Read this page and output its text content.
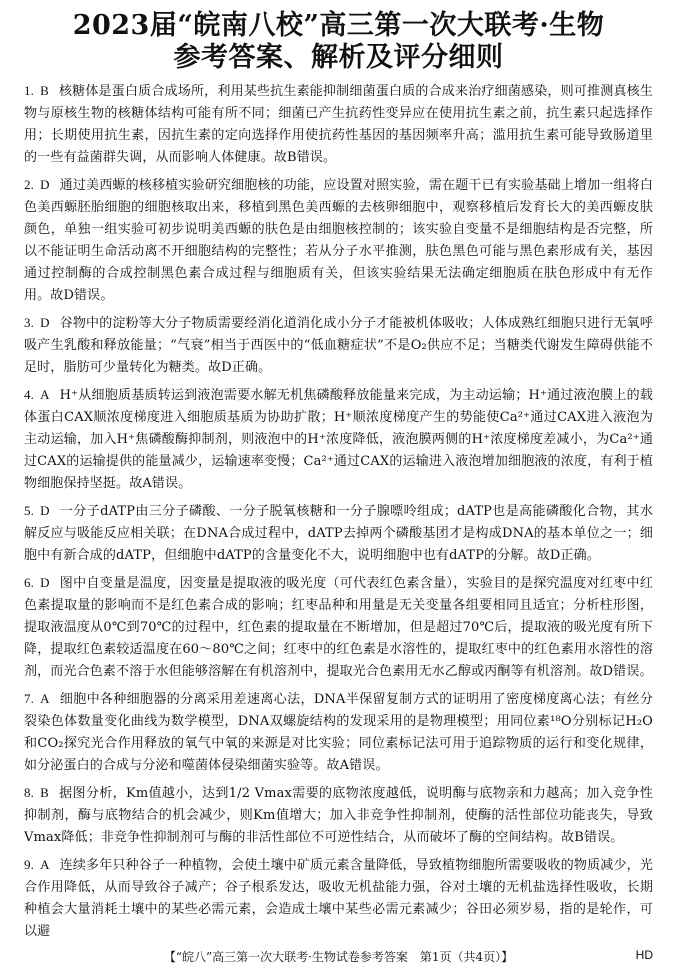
2023届“皖南八校”高三第一次大联考·生物
参考答案、解析及评分细则

1. B 核糖体是蛋白质合成场所，利用某些抗生素能抑制细菌蛋白质的合成来治疗细菌感染，则可推测真核生物与原核生物的核糖体结构可能有所不同；细菌已产生抗药性变异应在使用抗生素之前，抗生素只起选择作用；长期使用抗生素，因抗生素的定向选择作用使抗药性基因的基因频率升高；滥用抗生素可能导致肠道里的一些有益菌群失调，从而影响人体健康。故B错误。

2. D 通过美西螈的核移植实验研究细胞核的功能，应设置对照实验，需在题干已有实验基础上增加一组将白色美西螈胚胎细胞的细胞核取出来，移植到黑色美西螈的去核卵细胞中，观察移植后发育长大的美西螈皮肤颜色，单独一组实验可初步说明美西螈的肤色是由细胞核控制的；该实验自变量不是细胞结构是否完整，所以不能证明生命活动离不开细胞结构的完整性；若从分子水平推测，肤色黑色可能与黑色素形成有关，基因通过控制酶的合成控制黑色素合成过程与细胞质有关，但该实验结果无法确定细胞质在肤色形成中有无作用。故D错误。

3. D 谷物中的淀粉等大分子物质需要经消化道消化成小分子才能被机体吸收；人体成熟红细胞只进行无氧呼吸产生乳酸和释放能量；“气衰”相当于西医中的“低血糖症状”不是O₂供应不足；当糖类代谢发生障碍供能不足时，脂肪可少量转化为糖类。故D正确。

4. A H⁺从细胞质基质转运到液泡需要水解无机焦磷酸释放能量来完成，为主动运输；H⁺通过液泡膜上的载体蛋白CAX顺浓度梯度进入细胞质基质为协助扩散；H⁺顺浓度梯度产生的势能使Ca²⁺通过CAX进入液泡为主动运输，加入H⁺焦磷酸酶抑制剂，则液泡中的H⁺浓度降低，液泡膜两侧的H⁺浓度梯度差减小，为Ca²⁺通过CAX的运输提供的能量减少，运输速率变慢；Ca²⁺通过CAX的运输进入液泡增加细胞液的浓度，有利于植物细胞保持坚挺。故A错误。

5. D 一分子dATP由三分子磷酸、一分子脱氧核糖和一分子腺嘌呤组成；dATP也是高能磷酸化合物，其水解反应与吸能反应相关联；在DNA合成过程中，dATP去掉两个磷酸基团才是构成DNA的基本单位之一；细胞中有新合成的dATP，但细胞中dATP的含量变化不大，说明细胞中也有dATP的分解。故D正确。

6. D 图中自变量是温度，因变量是提取液的吸光度（可代表红色素含量），实验目的是探究温度对红枣中红色素提取量的影响而不是红色素合成的影响；红枣品种和用量是无关变量各组要相同且适宜；分析柱形图，提取液温度从0℃到70℃的过程中，红色素的提取量在不断增加，但是超过70℃后，提取液的吸光度有所下降，提取红色素较适温度在60～80℃之间；红枣中的红色素是水溶性的，提取红枣中的红色素用水溶性的溶剂，而光合色素不溶于水但能够溶解在有机溶剂中，提取光合色素用无水乙醇或丙酮等有机溶剂。故D错误。

7. A 细胞中各种细胞器的分离采用差速离心法，DNA半保留复制方式的证明用了密度梯度离心法；有丝分裂染色体数量变化曲线为数学模型，DNA双螺旋结构的发现采用的是物理模型；用同位素¹⁸O分别标记H₂O和CO₂探究光合作用释放的氧气中氧的来源是对比实验；同位素标记法可用于追踪物质的运行和变化规律，如分泌蛋白的合成与分泌和噬菌体侵染细菌实验等。故A错误。

8. B 据图分析，Km值越小，达到1/2 Vmax需要的底物浓度越低，说明酶与底物亲和力越高；加入竞争性抑制剂，酶与底物结合的机会减少，则Km值增大；加入非竞争性抑制剂，使酶的活性部位功能丧失，导致Vmax降低；非竞争性抑制剂可与酶的非活性部位不可逆性结合，从而破坏了酶的空间结构。故B错误。

9. A 连续多年只种谷子一种植物，会使土壤中矿质元素含量降低，导致植物细胞所需要吸收的物质减少，光合作用降低，从而导致谷子减产；谷子根系发达，吸收无机盐能力强，谷对土壤的无机盐选择性吸收，长期种植会大量消耗土壤中的某些必需元素，会造成土壤中某些必需元素减少；谷田必须岁易，指的是轮作，可以避

【“皖八”高三第一次大联考·生物试卷参考答案　第1页（共4页）】	HD
